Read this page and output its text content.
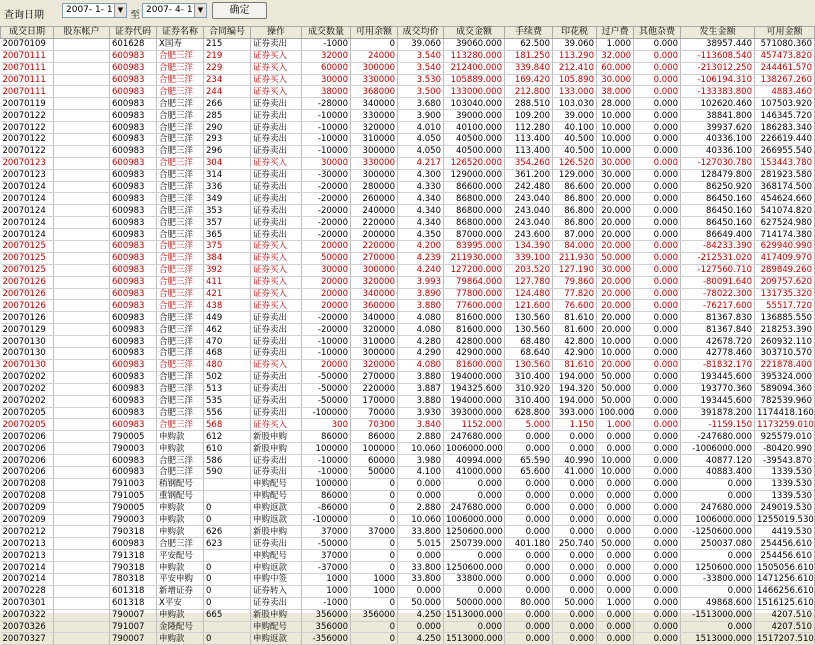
查询日期	2007- 1- 1 ▼ 至 2007- 4- 1 ▼	确定
成交日期	股东帐户	证券代码	证券名称	合同编号	操作	成交数量	可用余额	成交均价	成交金额	手续费	印花税	过户费	其他杂费	发生金额	可用金额
20070109		601628	X国寿	215	证券卖出	-1000	0	39.060	39060.000	62.500	39.060	1.000	0.000	38957.440	571080.360
20070111		600983	合肥三洋	219	证券买入	32000	24000	3.540	113280.000	181.250	113.290	32.000	0.000	-113608.540	457473.820
20070111		600983	合肥三洋	229	证券买入	60000	300000	3.540	212400.000	339.840	212.410	60.000	0.000	-213012.250	244461.570
20070111		600983	合肥三洋	234	证券买入	30000	330000	3.530	105889.000	169.420	105.890	30.000	0.000	-106194.310	138267.260
20070111		600983	合肥三洋	244	证券买入	38000	368000	3.500	133000.000	212.800	133.000	38.000	0.000	-133383.800	4883.460
20070119		600983	合肥三洋	266	证券卖出	-28000	340000	3.680	103040.000	288.510	103.030	28.000	0.000	102620.460	107503.920
20070122		600983	合肥三洋	285	证券卖出	-10000	330000	3.900	39000.000	109.200	39.000	10.000	0.000	38841.800	146345.720
20070122		600983	合肥三洋	290	证券卖出	-10000	320000	4.010	40100.000	112.280	40.100	10.000	0.000	39937.620	186283.340
20070122		600983	合肥三洋	293	证券卖出	-10000	310000	4.050	40500.000	113.400	40.500	10.000	0.000	40336.100	226619.440
20070122		600983	合肥三洋	296	证券卖出	-10000	300000	4.050	40500.000	113.400	40.500	10.000	0.000	40336.100	266955.540
20070123		600983	合肥三洋	304	证券买入	30000	330000	4.217	126520.000	354.260	126.520	30.000	0.000	-127030.780	153443.780
20070123		600983	合肥三洋	314	证券卖出	-30000	300000	4.300	129000.000	361.200	129.000	30.000	0.000	128479.800	281923.580
20070124		600983	合肥三洋	336	证券卖出	-20000	280000	4.330	86600.000	242.480	86.600	20.000	0.000	86250.920	368174.500
20070124		600983	合肥三洋	349	证券卖出	-20000	260000	4.340	86800.000	243.040	86.800	20.000	0.000	86450.160	454624.660
20070124		600983	合肥三洋	353	证券卖出	-20000	240000	4.340	86800.000	243.040	86.800	20.000	0.000	86450.160	541074.820
20070124		600983	合肥三洋	357	证券卖出	-20000	220000	4.340	86800.000	243.040	86.800	20.000	0.000	86450.160	627524.980
20070124		600983	合肥三洋	365	证券卖出	-20000	200000	4.350	87000.000	243.600	87.000	20.000	0.000	86649.400	714174.380
20070125		600983	合肥三洋	375	证券买入	20000	220000	4.200	83995.000	134.390	84.000	20.000	0.000	-84233.390	629940.990
20070125		600983	合肥三洋	384	证券买入	50000	270000	4.239	211930.000	339.100	211.930	50.000	0.000	-212531.020	417409.970
20070125		600983	合肥三洋	392	证券买入	30000	300000	4.240	127200.000	203.520	127.190	30.000	0.000	-127560.710	289849.260
20070126		600983	合肥三洋	411	证券买入	20000	320000	3.993	79864.000	127.780	79.860	20.000	0.000	-80091.640	209757.620
20070126		600983	合肥三洋	421	证券买入	20000	340000	3.890	77800.000	124.480	77.820	20.000	0.000	-78022.300	131735.320
20070126		600983	合肥三洋	438	证券买入	20000	360000	3.880	77600.000	121.600	76.600	20.000	0.000	-76217.600	55517.720
20070126		600983	合肥三洋	449	证券卖出	-20000	340000	4.080	81600.000	130.560	81.610	20.000	0.000	81367.830	136885.550
20070129		600983	合肥三洋	462	证券卖出	-20000	320000	4.080	81600.000	130.560	81.600	20.000	0.000	81367.840	218253.390
20070130		600983	合肥三洋	470	证券卖出	-10000	310000	4.280	42800.000	68.480	42.800	10.000	0.000	42678.720	260932.110
20070130		600983	合肥三洋	468	证券卖出	-10000	300000	4.290	42900.000	68.640	42.900	10.000	0.000	42778.460	303710.570
20070130		600983	合肥三洋	480	证券买入	20000	320000	4.080	81600.000	130.560	81.610	20.000	0.000	-81832.170	221878.400
20070202		600983	合肥三洋	502	证券卖出	-50000	270000	3.880	194000.000	310.400	194.000	50.000	0.000	193445.600	395324.000
20070202		600983	合肥三洋	513	证券卖出	-50000	220000	3.887	194325.600	310.920	194.320	50.000	0.000	193770.360	589094.360
20070202		600983	合肥三洋	535	证券卖出	-50000	170000	3.880	194000.000	310.400	194.000	50.000	0.000	193445.600	782539.960
20070205		600983	合肥三洋	556	证券卖出	-100000	70000	3.930	393000.000	628.800	393.000	100.000	0.000	391878.200	1174418.160
20070205		600983	合肥三洋	568	证券买入	300	70300	3.840	1152.000	5.000	1.150	1.000	0.000	-1159.150	1173259.010
20070206		790005	申购款	612	新股申购	86000	86000	2.880	247680.000	0.000	0.000	0.000	0.000	-247680.000	925579.010
20070206		790003	申购款	610	新股申购	100000	100000	10.060	1006000.000	0.000	0.000	0.000	0.000	-1006000.000	-80420.990
20070206		600983	合肥三洋	586	证券卖出	-10000	60000	3.980	40994.000	65.590	40.990	10.000	0.000	40877.120	-39543.870
20070206		600983	合肥三洋	590	证券卖出	-10000	50000	4.100	41000.000	65.600	41.000	10.000	0.000	40883.400	1339.530
20070208		791003	稍钢配号		申购配号	100000	0	0.000	0.000	0.000	0.000	0.000	0.000	0.000	1339.530
20070208		791005	重钢配号		申购配号	86000	0	0.000	0.000	0.000	0.000	0.000	0.000	0.000	1339.530
20070209		790005	申购款	0	申购返款	-86000	0	2.880	247680.000	0.000	0.000	0.000	0.000	247680.000	249019.530
20070209		790003	申购款	0	申购返款	-100000	0	10.060	1006000.000	0.000	0.000	0.000	0.000	1006000.000	1255019.530
20070212		790318	申购款	626	新股申购	37000	37000	33.800	1250600.000	0.000	0.000	0.000	0.000	-1250600.000	4419.530
20070213		600983	合肥三洋	623	证券卖出	-50000	0	5.015	250739.000	401.180	250.740	50.000	0.000	250037.080	254456.610
20070213		791318	平安配号		申购配号	37000	0	0.000	0.000	0.000	0.000	0.000	0.000	0.000	254456.610
20070214		790318	申购款	0	申购返款	-37000	0	33.800	1250600.000	0.000	0.000	0.000	0.000	1250600.000	1505056.610
20070214		780318	平安申购	0	申购中签	1000	1000	33.800	33800.000	0.000	0.000	0.000	0.000	-33800.000	1471256.610
20070228		601318	新增证券	0	证券转入	1000	1000	0.000	0.000	0.000	0.000	0.000	0.000	0.000	1466256.610
20070301		601318	X平安	0	证券卖出	-1000	0	50.000	50000.000	80.000	50.000	1.000	0.000	49868.600	1516125.610
20070322		790007	申购款	665	新股申购	356000	356000	4.250	1513000.000	0.000	0.000	0.000	0.000	-1513000.000	4207.510
20070326		791007	金隆配号		申购配号	356000	0	0.000	0.000	0.000	0.000	0.000	0.000	0.000	4207.510
20070327		790007	申购款	0	申购返款	-356000	0	4.250	1513000.000	0.000	0.000	0.000	0.000	1513000.000	1517207.510
